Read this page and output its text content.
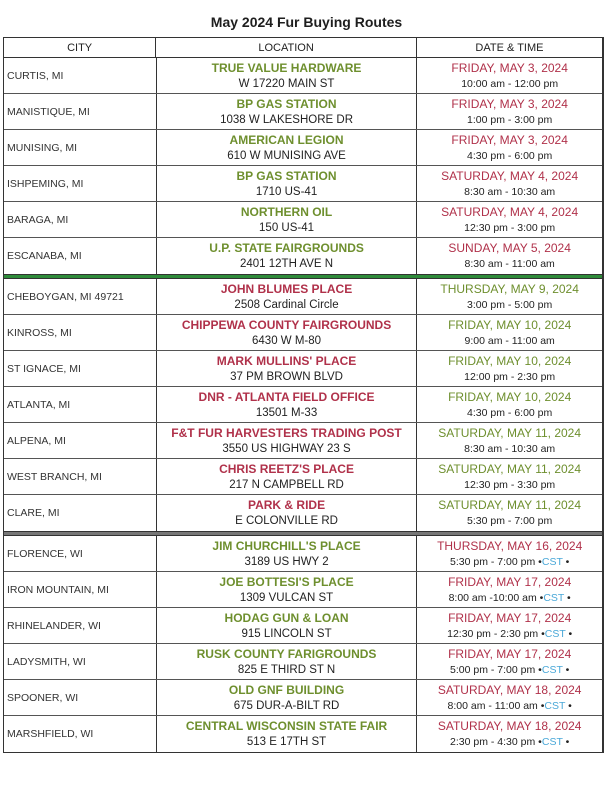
May 2024 Fur Buying Routes
CITY	LOCATION	DATE & TIME
CURTIS, MI
TRUE VALUE HARDWARE
W 17220 MAIN ST
FRIDAY, MAY 3, 2024
10:00 am - 12:00 pm
MANISTIQUE, MI
BP GAS STATION
1038 W LAKESHORE DR
FRIDAY, MAY 3, 2024
1:00 pm - 3:00 pm
MUNISING, MI
AMERICAN LEGION
610 W MUNISING AVE
FRIDAY, MAY 3, 2024
4:30 pm - 6:00 pm
ISHPEMING, MI
BP GAS STATION
1710 US-41
SATURDAY, MAY 4, 2024
8:30 am - 10:30 am
BARAGA, MI
NORTHERN OIL
150 US-41
SATURDAY, MAY 4, 2024
12:30 pm - 3:00 pm
ESCANABA, MI
U.P. STATE FAIRGROUNDS
2401 12TH AVE N
SUNDAY, MAY 5, 2024
8:30 am - 11:00 am
CHEBOYGAN, MI 49721
JOHN BLUMES PLACE
2508 Cardinal Circle
THURSDAY, MAY 9, 2024
3:00 pm - 5:00 pm
KINROSS, MI
CHIPPEWA COUNTY FAIRGROUNDS
6430 W M-80
FRIDAY, MAY 10, 2024
9:00 am - 11:00 am
ST IGNACE, MI
MARK MULLINS' PLACE
37 PM BROWN BLVD
FRIDAY, MAY 10, 2024
12:00 pm - 2:30 pm
ATLANTA, MI
DNR - ATLANTA FIELD OFFICE
13501 M-33
FRIDAY, MAY 10, 2024
4:30 pm - 6:00 pm
ALPENA, MI
F&T FUR HARVESTERS TRADING POST
3550 US HIGHWAY 23 S
SATURDAY, MAY 11, 2024
8:30 am - 10:30 am
WEST BRANCH, MI
CHRIS REETZ'S PLACE
217 N CAMPBELL RD
SATURDAY, MAY 11, 2024
12:30 pm - 3:30 pm
CLARE, MI
PARK & RIDE
E COLONVILLE RD
SATURDAY, MAY 11, 2024
5:30 pm - 7:00 pm
FLORENCE, WI
JIM CHURCHILL'S PLACE
3189 US HWY 2
THURSDAY, MAY 16, 2024
5:30 pm - 7:00 pm •CST •
IRON MOUNTAIN, MI
JOE BOTTESI'S PLACE
1309 VULCAN ST
FRIDAY, MAY 17, 2024
8:00 am -10:00 am •CST •
RHINELANDER, WI
HODAG GUN & LOAN
915 LINCOLN ST
FRIDAY, MAY 17, 2024
12:30 pm - 2:30 pm •CST •
LADYSMITH, WI
RUSK COUNTY FARIGROUNDS
825 E THIRD ST N
FRIDAY, MAY 17, 2024
5:00 pm - 7:00 pm •CST •
SPOONER, WI
OLD GNF BUILDING
675 DUR-A-BILT RD
SATURDAY, MAY 18, 2024
8:00 am - 11:00 am •CST •
MARSHFIELD, WI
CENTRAL WISCONSIN STATE FAIR
513 E 17TH ST
SATURDAY, MAY 18, 2024
2:30 pm - 4:30 pm •CST •
